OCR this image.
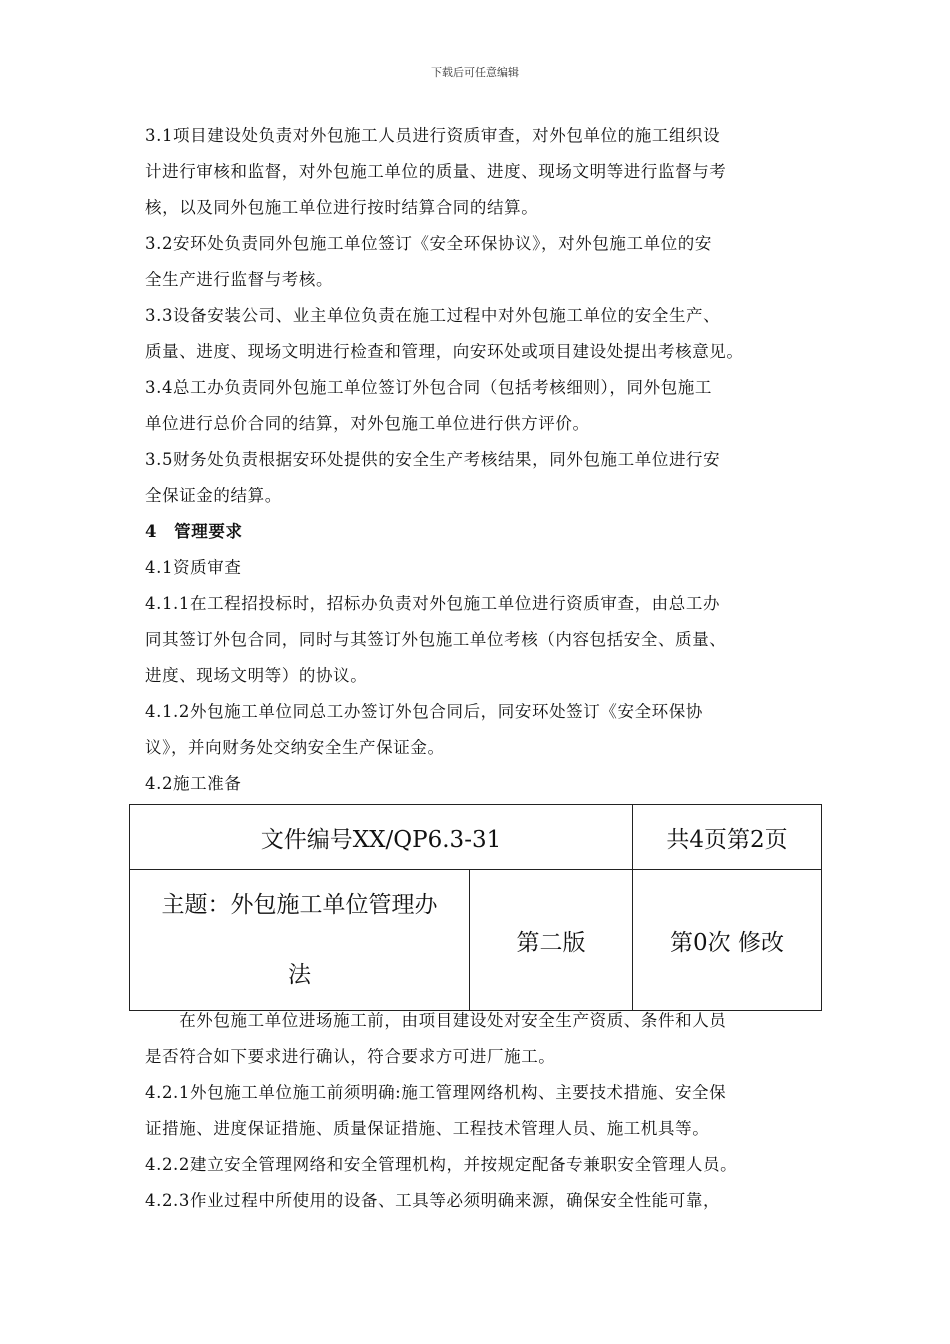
下载后可任意编辑
3.1项目建设处负责对外包施工人员进行资质审查，对外包单位的施工组织设
计进行审核和监督，对外包施工单位的质量、进度、现场文明等进行监督与考
核，以及同外包施工单位进行按时结算合同的结算。
3.2安环处负责同外包施工单位签订《安全环保协议》，对外包施工单位的安
全生产进行监督与考核。
3.3设备安装公司、业主单位负责在施工过程中对外包施工单位的安全生产、
质量、进度、现场文明进行检查和管理，向安环处或项目建设处提出考核意见。
3.4总工办负责同外包施工单位签订外包合同（包括考核细则），同外包施工
单位进行总价合同的结算，对外包施工单位进行供方评价。
3.5财务处负责根据安环处提供的安全生产考核结果，同外包施工单位进行安
全保证金的结算。
4　管理要求
4.1资质审查
4.1.1在工程招投标时，招标办负责对外包施工单位进行资质审查，由总工办
同其签订外包合同，同时与其签订外包施工单位考核（内容包括安全、质量、
进度、现场文明等）的协议。
4.1.2外包施工单位同总工办签订外包合同后，同安环处签订《安全环保协
议》，并向财务处交纳安全生产保证金。
4.2施工准备
文件编号XX/QP6.3-31		共4页第2页

主题：外包施工单位管理办
法	第二版	第0次 修改
　　在外包施工单位进场施工前，由项目建设处对安全生产资质、条件和人员
是否符合如下要求进行确认，符合要求方可进厂施工。
4.2.1外包施工单位施工前须明确:施工管理网络机构、主要技术措施、安全保
证措施、进度保证措施、质量保证措施、工程技术管理人员、施工机具等。
4.2.2建立安全管理网络和安全管理机构，并按规定配备专兼职安全管理人员。
4.2.3作业过程中所使用的设备、工具等必须明确来源，确保安全性能可靠，
